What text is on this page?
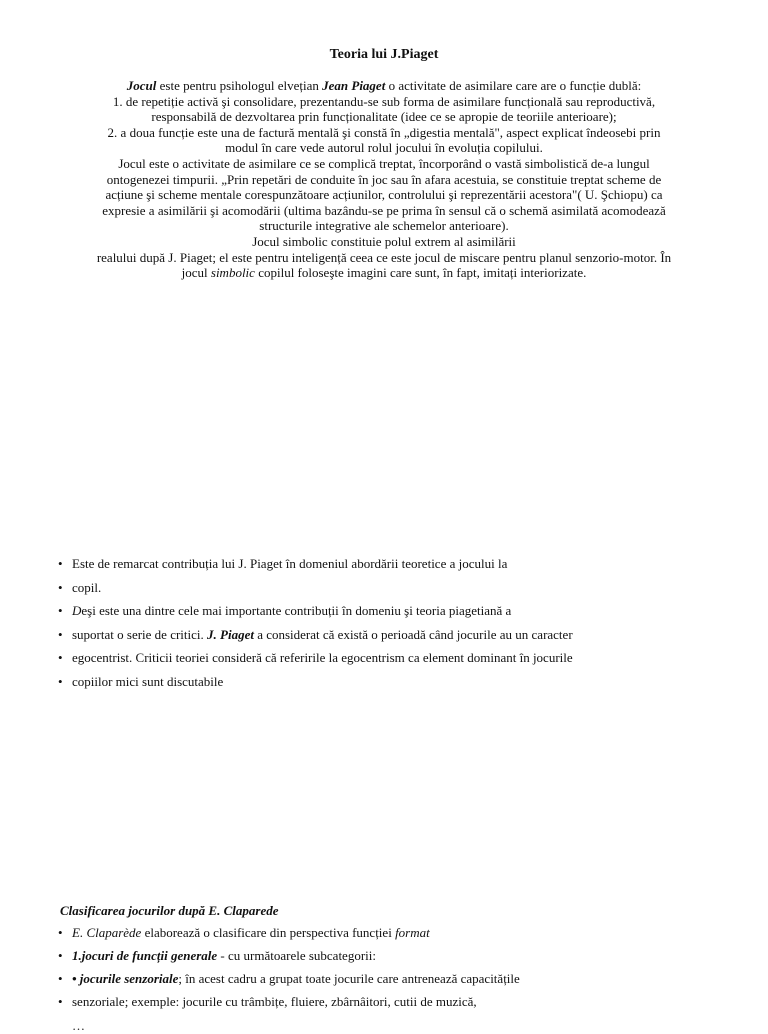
Teoria lui J.Piaget

Jocul este pentru psihologul elvețian Jean Piaget o activitate de asimilare care are o funcție dublă:

1. de repetiție activă şi consolidare, prezentandu-se sub forma de asimilare funcțională sau reproductivă, responsabilă de dezvoltarea prin funcționalitate (idee ce se apropie de teoriile anterioare);

2. a doua funcție este una de factură mentală şi constă în „digestia mentală", aspect explicat îndeosebi prin modul în care vede autorul rolul jocului în evoluția copilului.

Jocul este o activitate de asimilare ce se complică treptat, încorporând o vastă simbolistică de-a lungul ontogenezei timpurii. „Prin repetări de conduite în joc sau în afara acestuia, se constituie treptat scheme de acțiune şi scheme mentale corespunzătoare acțiunilor, controlului şi reprezentării acestora"( U. Şchiopu) ca expresie a asimilării şi acomodării (ultima bazându-se pe prima în sensul că o schemă asimilată acomodează structurile integrative ale schemelor anterioare).

Jocul simbolic constituie polul extrem al asimilării

realului după J. Piaget; el este pentru inteligență ceea ce este jocul de miscare pentru planul senzorio-motor. În jocul simbolic copilul foloseşte imagini care sunt, în fapt, imitați interiorizate.

• Este de remarcat contribuția lui J. Piaget în domeniul abordării teoretice a jocului la
• copil.
• Deşi este una dintre cele mai importante contribuții în domeniu şi teoria piagetiană a
• suportat o serie de critici. J. Piaget a considerat că există o perioadă când jocurile au un caracter
• egocentrist. Criticii teoriei consideră că referirile la egocentrism ca element dominant în jocurile
• copiilor mici sunt discutabile
Clasificarea jocurilor după E. Claparede
• E. Claparède elaborează o clasificare din perspectiva funcției format
• 1.jocuri de funcții generale - cu următoarele subcategorii:
• • jocurile senzoriale; în acest cadru a grupat toate jocurile care antrenează capacitățile
• senzoriale; exemple: jocurile cu trâmbițe, fluiere, zbârnâitori, cutii de muzică,
…
